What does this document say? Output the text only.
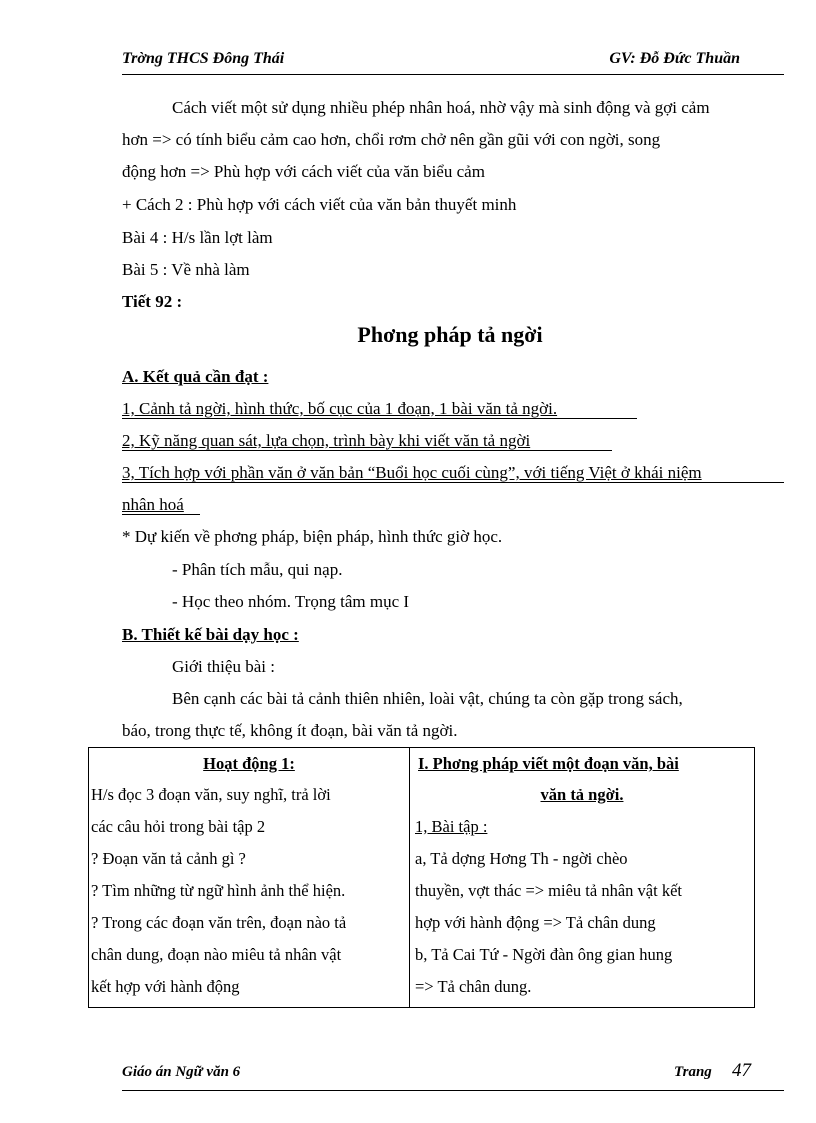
Trờng THCS Đông Thái	GV: Đỗ Đức Thuần
Cách viết một sử dụng nhiều phép nhân hoá, nhờ vậy mà sinh động và gợi cảm
hơn => có tính biểu cảm cao hơn, chổi rơm chở nên gần gũi với con ngời, song
động hơn => Phù hợp với cách viết của văn biểu cảm
+ Cách 2 : Phù hợp với cách viết của văn bản thuyết minh
Bài 4 : H/s lần lợt làm
Bài 5 : Về nhà làm
Tiết 92 :
Phơng pháp tả ngời
A. Kết quả cần đạt :
1, Cảnh tả ngời, hình thức, bố cục của 1 đoạn, 1 bài văn tả ngời.
2, Kỹ năng quan sát, lựa chọn, trình bày khi viết văn tả ngời
3, Tích hợp với phần văn ở văn bản “Buổi học cuối cùng”, với tiếng Việt ở khái niệm
nhân hoá
* Dự kiến về phơng pháp, biện pháp, hình thức giờ học.
- Phân tích mẫu, qui nạp.
- Học theo nhóm. Trọng tâm mục I
B. Thiết kế bài dạy học :
Giới thiệu bài :
Bên cạnh các bài tả cảnh thiên nhiên, loài vật, chúng ta còn gặp trong sách,
báo, trong thực tế, không ít đoạn, bài văn tả ngời.
Hoạt động 1:
H/s đọc 3 đoạn văn, suy nghĩ, trả lời
các câu hỏi trong bài tập 2
? Đoạn văn tả cảnh gì ?
? Tìm những từ ngữ hình ảnh thể hiện.
? Trong các đoạn văn trên, đoạn nào tả
chân dung, đoạn nào miêu tả nhân vật
kết hợp với hành động

I. Phơng pháp viết một đoạn văn, bài
văn tả ngời.
1, Bài tập :
a, Tả dợng Hơng Th - ngời chèo
thuyền, vợt thác => miêu tả nhân vật kết
hợp với hành động => Tả chân dung
b, Tả Cai Tứ - Ngời đàn ông gian hung
=> Tả chân dung.
Giáo án Ngữ văn 6	Trang 47
